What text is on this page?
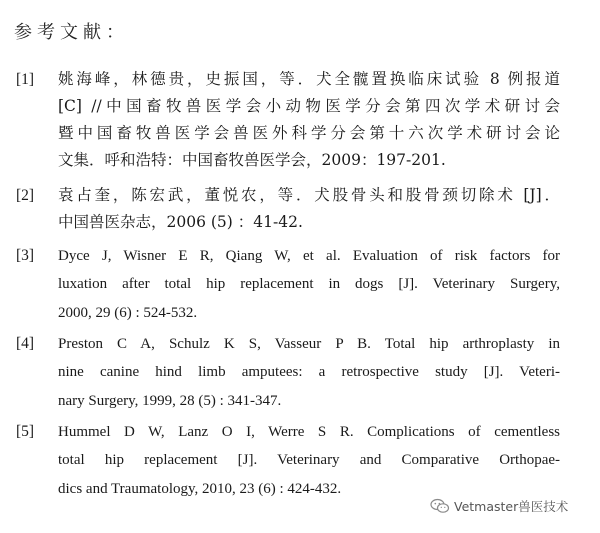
参考文献：
[1] 姚海峰，林德贵，史振国，等．犬全髋置换临床试验 8 例报道
[C] //中国畜牧兽医学会小动物医学分会第四次学术研讨会
暨中国畜牧兽医学会兽医外科学分会第十六次学术研讨会论
文集．呼和浩特：中国畜牧兽医学会，2009：197-201.
[2] 袁占奎，陈宏武，董悦农，等．犬股骨头和股骨颈切除术 [J]．
中国兽医杂志，2006 (5) ：41-42.
[3] Dyce J, Wisner E R, Qiang W, et al. Evaluation of risk factors for
luxation after total hip replacement in dogs [J]. Veterinary Surgery,
2000, 29 (6) : 524-532.
[4] Preston C A, Schulz K S, Vasseur P B. Total hip arthroplasty in
nine canine hind limb amputees: a retrospective study [J]. Veteri-
nary Surgery, 1999, 28 (5) : 341-347.
[5] Hummel D W, Lanz O I, Werre S R. Complications of cementless
total hip replacement [J]. Veterinary and Comparative Orthopae-
dics and Traumatology, 2010, 23 (6) : 424-432.
Vetmaster兽医技术
